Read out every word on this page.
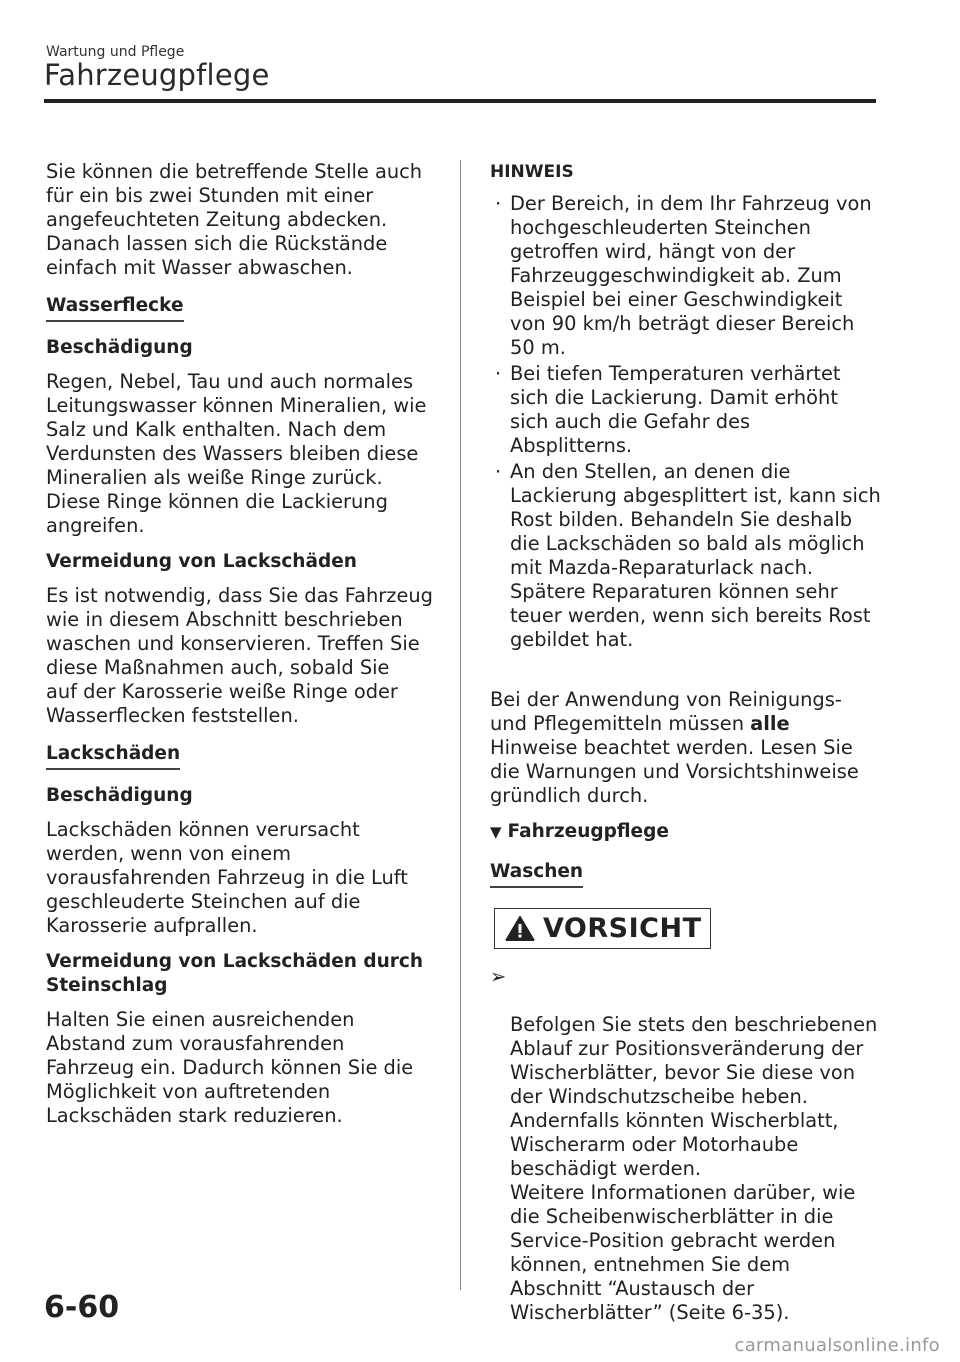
Wartung und Pflege
Fahrzeugpflege

Sie können die betreffende Stelle auch
für ein bis zwei Stunden mit einer
angefeuchteten Zeitung abdecken.
Danach lassen sich die Rückstände
einfach mit Wasser abwaschen.

Wasserflecke
Beschädigung

Regen, Nebel, Tau und auch normales
Leitungswasser können Mineralien, wie
Salz und Kalk enthalten. Nach dem
Verdunsten des Wassers bleiben diese
Mineralien als weiße Ringe zurück.
Diese Ringe können die Lackierung
angreifen.

Vermeidung von Lackschäden

Es ist notwendig, dass Sie das Fahrzeug
wie in diesem Abschnitt beschrieben
waschen und konservieren. Treffen Sie
diese Maßnahmen auch, sobald Sie
auf der Karosserie weiße Ringe oder
Wasserflecken feststellen.

Lackschäden
Beschädigung

Lackschäden können verursacht
werden, wenn von einem
vorausfahrenden Fahrzeug in die Luft
geschleuderte Steinchen auf die
Karosserie aufprallen.

Vermeidung von Lackschäden durch
Steinschlag

Halten Sie einen ausreichenden
Abstand zum vorausfahrenden
Fahrzeug ein. Dadurch können Sie die
Möglichkeit von auftretenden
Lackschäden stark reduzieren.

HINWEIS
· Der Bereich, in dem Ihr Fahrzeug von
hochgeschleuderten Steinchen
getroffen wird, hängt von der
Fahrzeuggeschwindigkeit ab. Zum
Beispiel bei einer Geschwindigkeit
von 90 km/h beträgt dieser Bereich
50 m.
· Bei tiefen Temperaturen verhärtet
sich die Lackierung. Damit erhöht
sich auch die Gefahr des
Absplitterns.
· An den Stellen, an denen die
Lackierung abgesplittert ist, kann sich
Rost bilden. Behandeln Sie deshalb
die Lackschäden so bald als möglich
mit Mazda-Reparaturlack nach.
Spätere Reparaturen können sehr
teuer werden, wenn sich bereits Rost
gebildet hat.

Bei der Anwendung von Reinigungs-
und Pflegemitteln müssen alle
Hinweise beachtet werden. Lesen Sie
die Warnungen und Vorsichtshinweise
gründlich durch.

▼ Fahrzeugpflege
Waschen

VORSICHT

➢

Befolgen Sie stets den beschriebenen
Ablauf zur Positionsveränderung der
Wischerblätter, bevor Sie diese von
der Windschutzscheibe heben.
Andernfalls könnten Wischerblatt,
Wischerarm oder Motorhaube
beschädigt werden.
Weitere Informationen darüber, wie
die Scheibenwischerblätter in die
Service-Position gebracht werden
können, entnehmen Sie dem
Abschnitt “Austausch der
Wischerblätter” (Seite 6-35).

6-60
carmanualsonline.info
